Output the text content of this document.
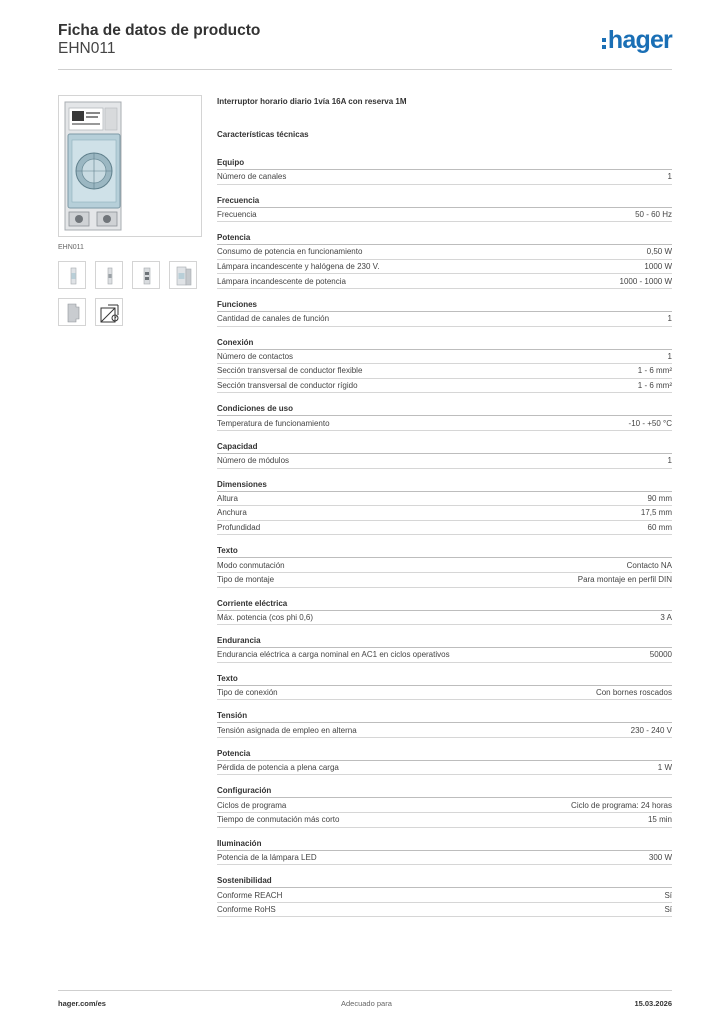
Ficha de datos de producto
EHN011	hager
EHN011
Interruptor horario diario 1vía 16A con reserva 1M
Características técnicas
Equipo
Número de canales	1
Frecuencia
Frecuencia	50 - 60 Hz
Potencia
Consumo de potencia en funcionamiento	0,50 W
Lámpara incandescente y halógena de 230 V.	1000 W
Lámpara incandescente de potencia	1000 - 1000 W
Funciones
Cantidad de canales de función	1
Conexión
Número de contactos	1
Sección transversal de conductor flexible	1 - 6 mm²
Sección transversal de conductor rígido	1 - 6 mm²
Condiciones de uso
Temperatura de funcionamiento	-10 - +50 °C
Capacidad
Número de módulos	1
Dimensiones
Altura	90 mm
Anchura	17,5 mm
Profundidad	60 mm
Texto
Modo conmutación	Contacto NA
Tipo de montaje	Para montaje en perfil DIN
Corriente eléctrica
Máx. potencia (cos phi 0,6)	3 A
Endurancia
Endurancia eléctrica a carga nominal en AC1 en ciclos operativos	50000
Texto
Tipo de conexión	Con bornes roscados
Tensión
Tensión asignada de empleo en alterna	230 - 240 V
Potencia
Pérdida de potencia a plena carga	1 W
Configuración
Ciclos de programa	Ciclo de programa: 24 horas
Tiempo de conmutación más corto	15 min
Iluminación
Potencia de la lámpara LED	300 W
Sostenibilidad
Conforme REACH	Sí
Conforme RoHS	Sí
hager.com/es	Adecuado para	15.03.2026
